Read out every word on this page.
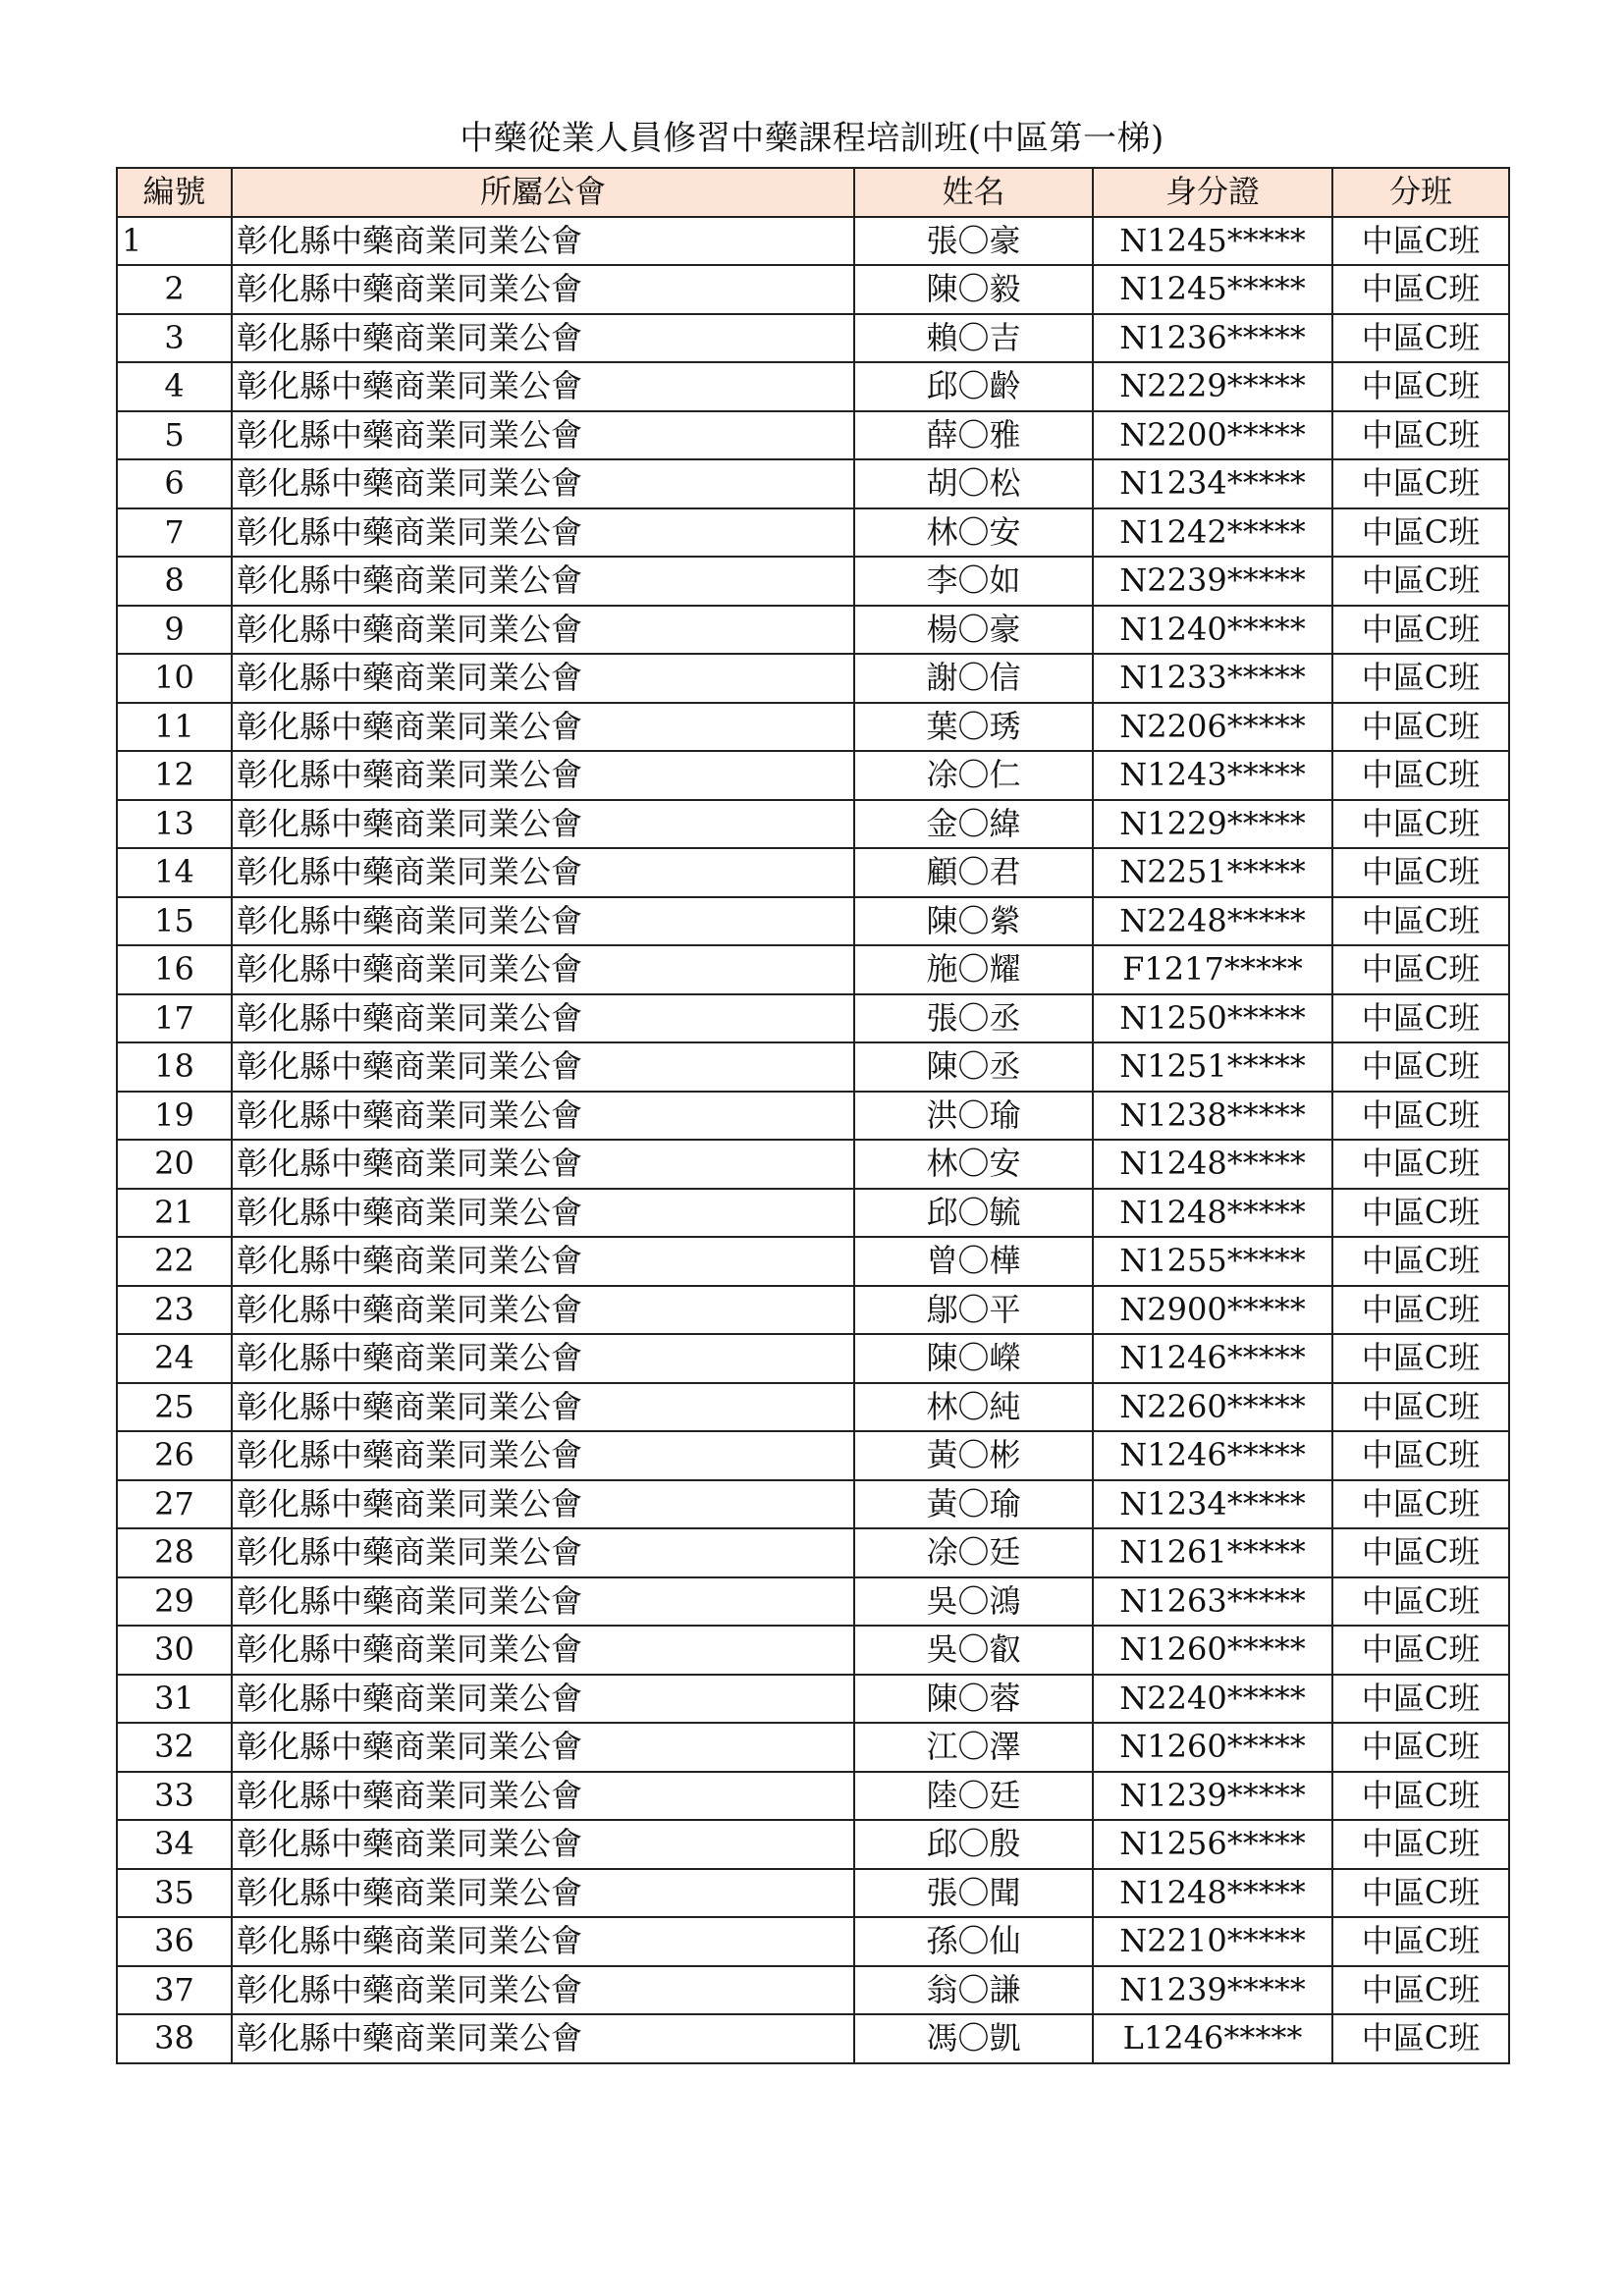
中藥從業人員修習中藥課程培訓班(中區第一梯)
編號	所屬公會	姓名	身分證	分班
1	彰化縣中藥商業同業公會	張〇豪	N1245*****	中區C班
2	彰化縣中藥商業同業公會	陳〇毅	N1245*****	中區C班
3	彰化縣中藥商業同業公會	賴〇吉	N1236*****	中區C班
4	彰化縣中藥商業同業公會	邱〇齡	N2229*****	中區C班
5	彰化縣中藥商業同業公會	薛〇雅	N2200*****	中區C班
6	彰化縣中藥商業同業公會	胡〇松	N1234*****	中區C班
7	彰化縣中藥商業同業公會	林〇安	N1242*****	中區C班
8	彰化縣中藥商業同業公會	李〇如	N2239*****	中區C班
9	彰化縣中藥商業同業公會	楊〇豪	N1240*****	中區C班
10	彰化縣中藥商業同業公會	謝〇信	N1233*****	中區C班
11	彰化縣中藥商業同業公會	葉〇琇	N2206*****	中區C班
12	彰化縣中藥商業同業公會	凃〇仁	N1243*****	中區C班
13	彰化縣中藥商業同業公會	金〇緯	N1229*****	中區C班
14	彰化縣中藥商業同業公會	顧〇君	N2251*****	中區C班
15	彰化縣中藥商業同業公會	陳〇縈	N2248*****	中區C班
16	彰化縣中藥商業同業公會	施〇耀	F1217*****	中區C班
17	彰化縣中藥商業同業公會	張〇丞	N1250*****	中區C班
18	彰化縣中藥商業同業公會	陳〇丞	N1251*****	中區C班
19	彰化縣中藥商業同業公會	洪〇瑜	N1238*****	中區C班
20	彰化縣中藥商業同業公會	林〇安	N1248*****	中區C班
21	彰化縣中藥商業同業公會	邱〇毓	N1248*****	中區C班
22	彰化縣中藥商業同業公會	曾〇樺	N1255*****	中區C班
23	彰化縣中藥商業同業公會	鄔〇平	N2900*****	中區C班
24	彰化縣中藥商業同業公會	陳〇嶸	N1246*****	中區C班
25	彰化縣中藥商業同業公會	林〇純	N2260*****	中區C班
26	彰化縣中藥商業同業公會	黃〇彬	N1246*****	中區C班
27	彰化縣中藥商業同業公會	黃〇瑜	N1234*****	中區C班
28	彰化縣中藥商業同業公會	凃〇廷	N1261*****	中區C班
29	彰化縣中藥商業同業公會	吳〇鴻	N1263*****	中區C班
30	彰化縣中藥商業同業公會	吳〇叡	N1260*****	中區C班
31	彰化縣中藥商業同業公會	陳〇蓉	N2240*****	中區C班
32	彰化縣中藥商業同業公會	江〇澤	N1260*****	中區C班
33	彰化縣中藥商業同業公會	陸〇廷	N1239*****	中區C班
34	彰化縣中藥商業同業公會	邱〇殷	N1256*****	中區C班
35	彰化縣中藥商業同業公會	張〇聞	N1248*****	中區C班
36	彰化縣中藥商業同業公會	孫〇仙	N2210*****	中區C班
37	彰化縣中藥商業同業公會	翁〇謙	N1239*****	中區C班
38	彰化縣中藥商業同業公會	馮〇凱	L1246*****	中區C班
